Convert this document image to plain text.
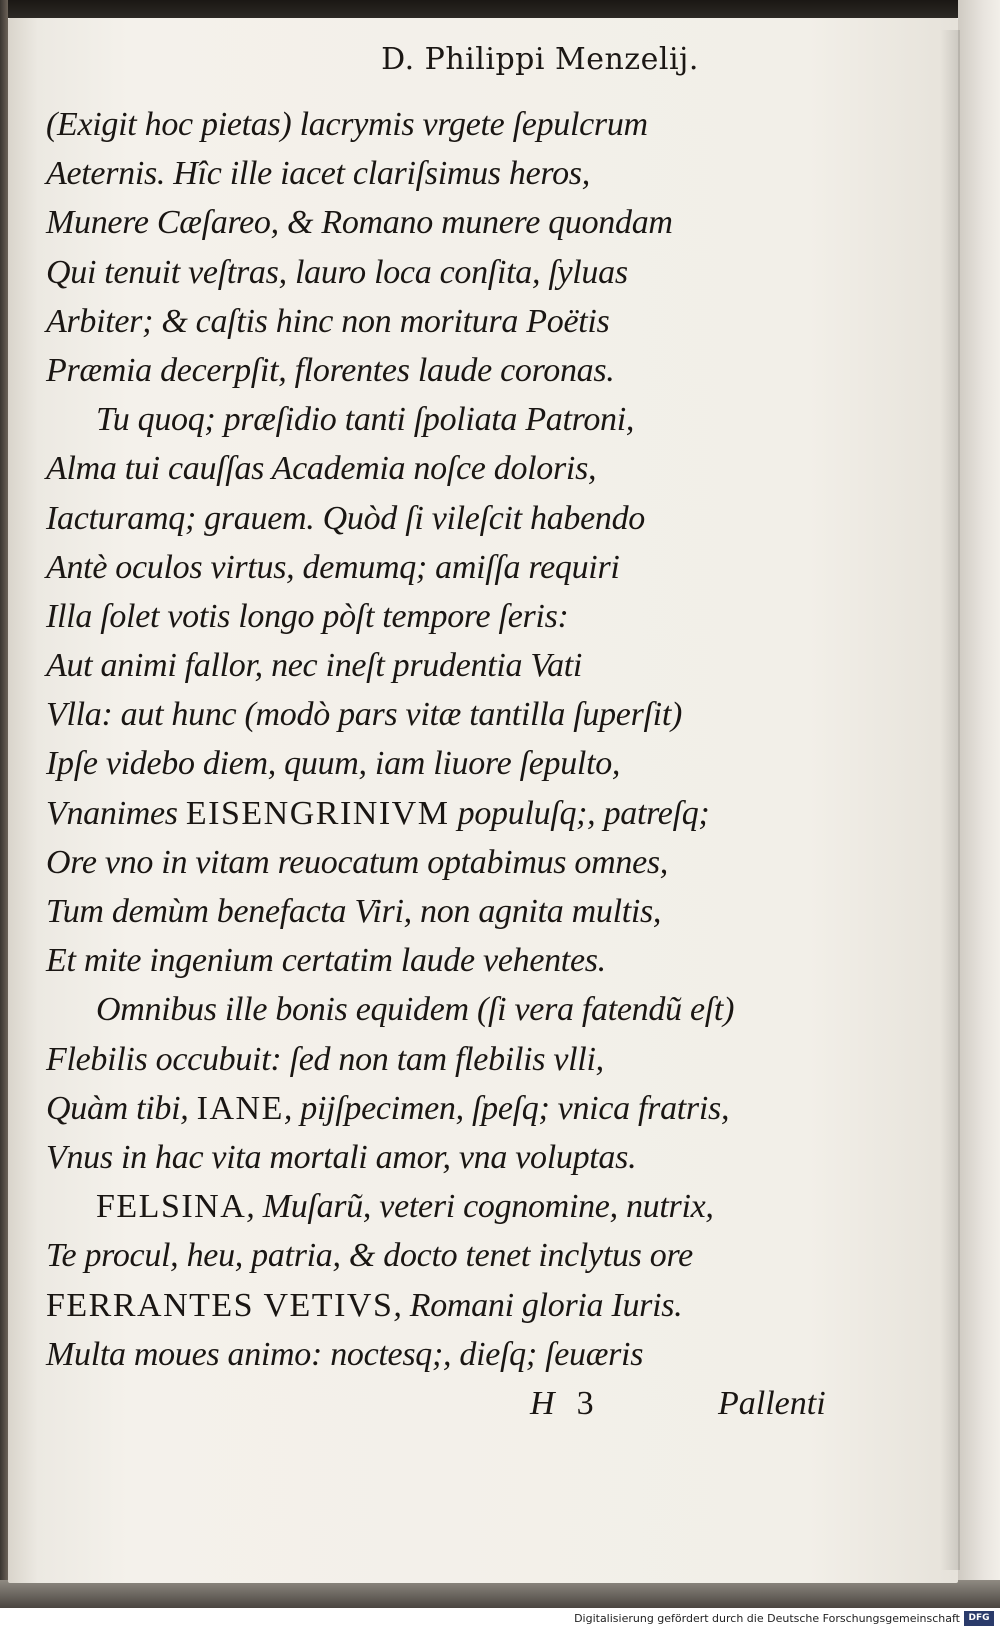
D. Philippi Menzelij.
(Exigit hoc pietas) lacrymis vrgete ſepulcrum
Aeternis. Hîc ille iacet clariſsimus heros,
Munere Cæſareo, & Romano munere quondam
Qui tenuit veſtras, lauro loca conſita, ſyluas
Arbiter; & caſtis hinc non moritura Poëtis
Præmia decerpſit, florentes laude coronas.
Tu quoq; præſidio tanti ſpoliata Patroni,
Alma tui cauſſas Academia noſce doloris,
Iacturamq; grauem. Quòd ſi vileſcit habendo
Antè oculos virtus, demumq; amiſſa requiri
Illa ſolet votis longo pòſt tempore ſeris:
Aut animi fallor, nec ineſt prudentia Vati
Vlla: aut hunc (modò pars vitæ tantilla ſuperſit)
Ipſe videbo diem, quum, iam liuore ſepulto,
Vnanimes EISENGRINIVM populuſq;, patreſq;
Ore vno in vitam reuocatum optabimus omnes,
Tum demùm benefacta Viri, non agnita multis,
Et mite ingenium certatim laude vehentes.
Omnibus ille bonis equidem (ſi vera fatendũ eſt)
Flebilis occubuit: ſed non tam flebilis vlli,
Quàm tibi, IANE, pijſpecimen, ſpeſq; vnica fratris,
Vnus in hac vita mortali amor, vna voluptas.
FELSINA, Muſarũ, veteri cognomine, nutrix,
Te procul, heu, patria, & docto tenet inclytus ore
FERRANTES VETIVS, Romani gloria Iuris.
Multa moues animo: noctesq;, dieſq; ſeuæris
H 3	Pallenti
Digitalisierung gefördert durch die Deutsche Forschungsgemeinschaft DFG
